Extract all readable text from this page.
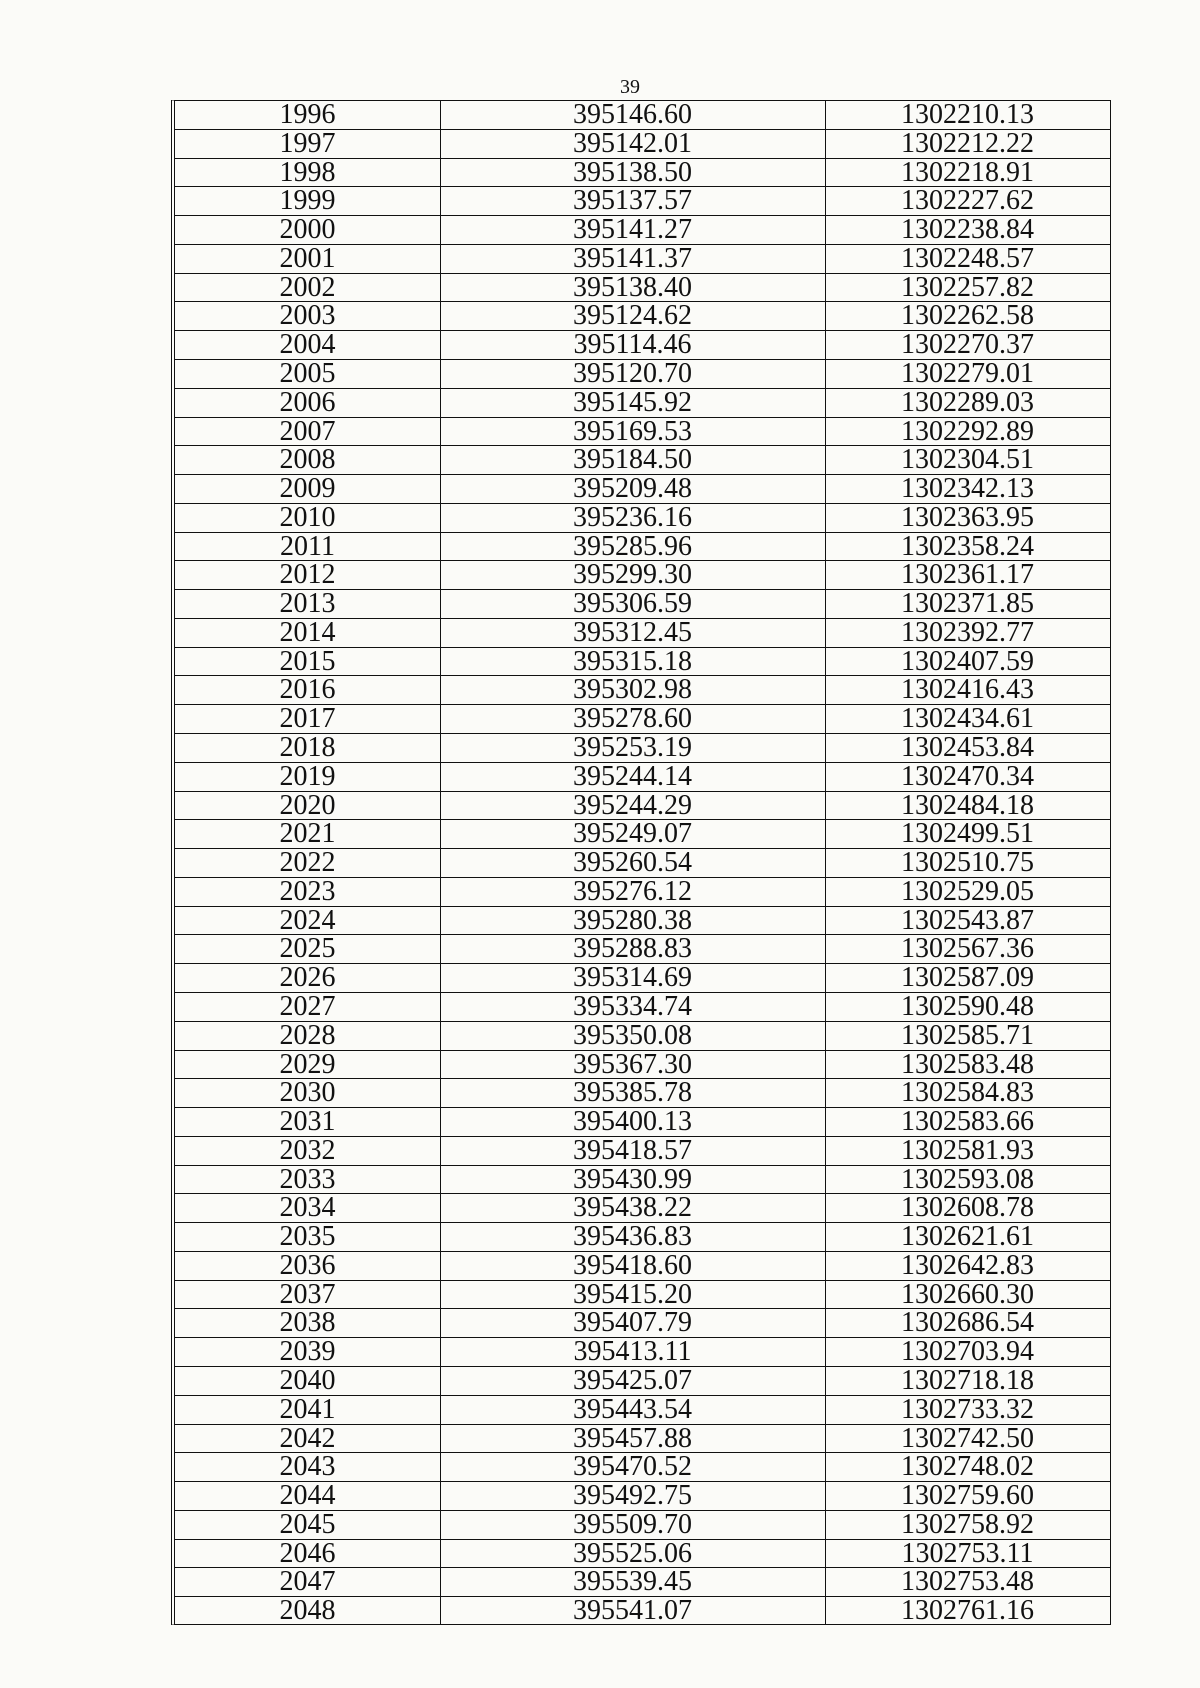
39
1996	395146.60	1302210.13
1997	395142.01	1302212.22
1998	395138.50	1302218.91
1999	395137.57	1302227.62
2000	395141.27	1302238.84
2001	395141.37	1302248.57
2002	395138.40	1302257.82
2003	395124.62	1302262.58
2004	395114.46	1302270.37
2005	395120.70	1302279.01
2006	395145.92	1302289.03
2007	395169.53	1302292.89
2008	395184.50	1302304.51
2009	395209.48	1302342.13
2010	395236.16	1302363.95
2011	395285.96	1302358.24
2012	395299.30	1302361.17
2013	395306.59	1302371.85
2014	395312.45	1302392.77
2015	395315.18	1302407.59
2016	395302.98	1302416.43
2017	395278.60	1302434.61
2018	395253.19	1302453.84
2019	395244.14	1302470.34
2020	395244.29	1302484.18
2021	395249.07	1302499.51
2022	395260.54	1302510.75
2023	395276.12	1302529.05
2024	395280.38	1302543.87
2025	395288.83	1302567.36
2026	395314.69	1302587.09
2027	395334.74	1302590.48
2028	395350.08	1302585.71
2029	395367.30	1302583.48
2030	395385.78	1302584.83
2031	395400.13	1302583.66
2032	395418.57	1302581.93
2033	395430.99	1302593.08
2034	395438.22	1302608.78
2035	395436.83	1302621.61
2036	395418.60	1302642.83
2037	395415.20	1302660.30
2038	395407.79	1302686.54
2039	395413.11	1302703.94
2040	395425.07	1302718.18
2041	395443.54	1302733.32
2042	395457.88	1302742.50
2043	395470.52	1302748.02
2044	395492.75	1302759.60
2045	395509.70	1302758.92
2046	395525.06	1302753.11
2047	395539.45	1302753.48
2048	395541.07	1302761.16
